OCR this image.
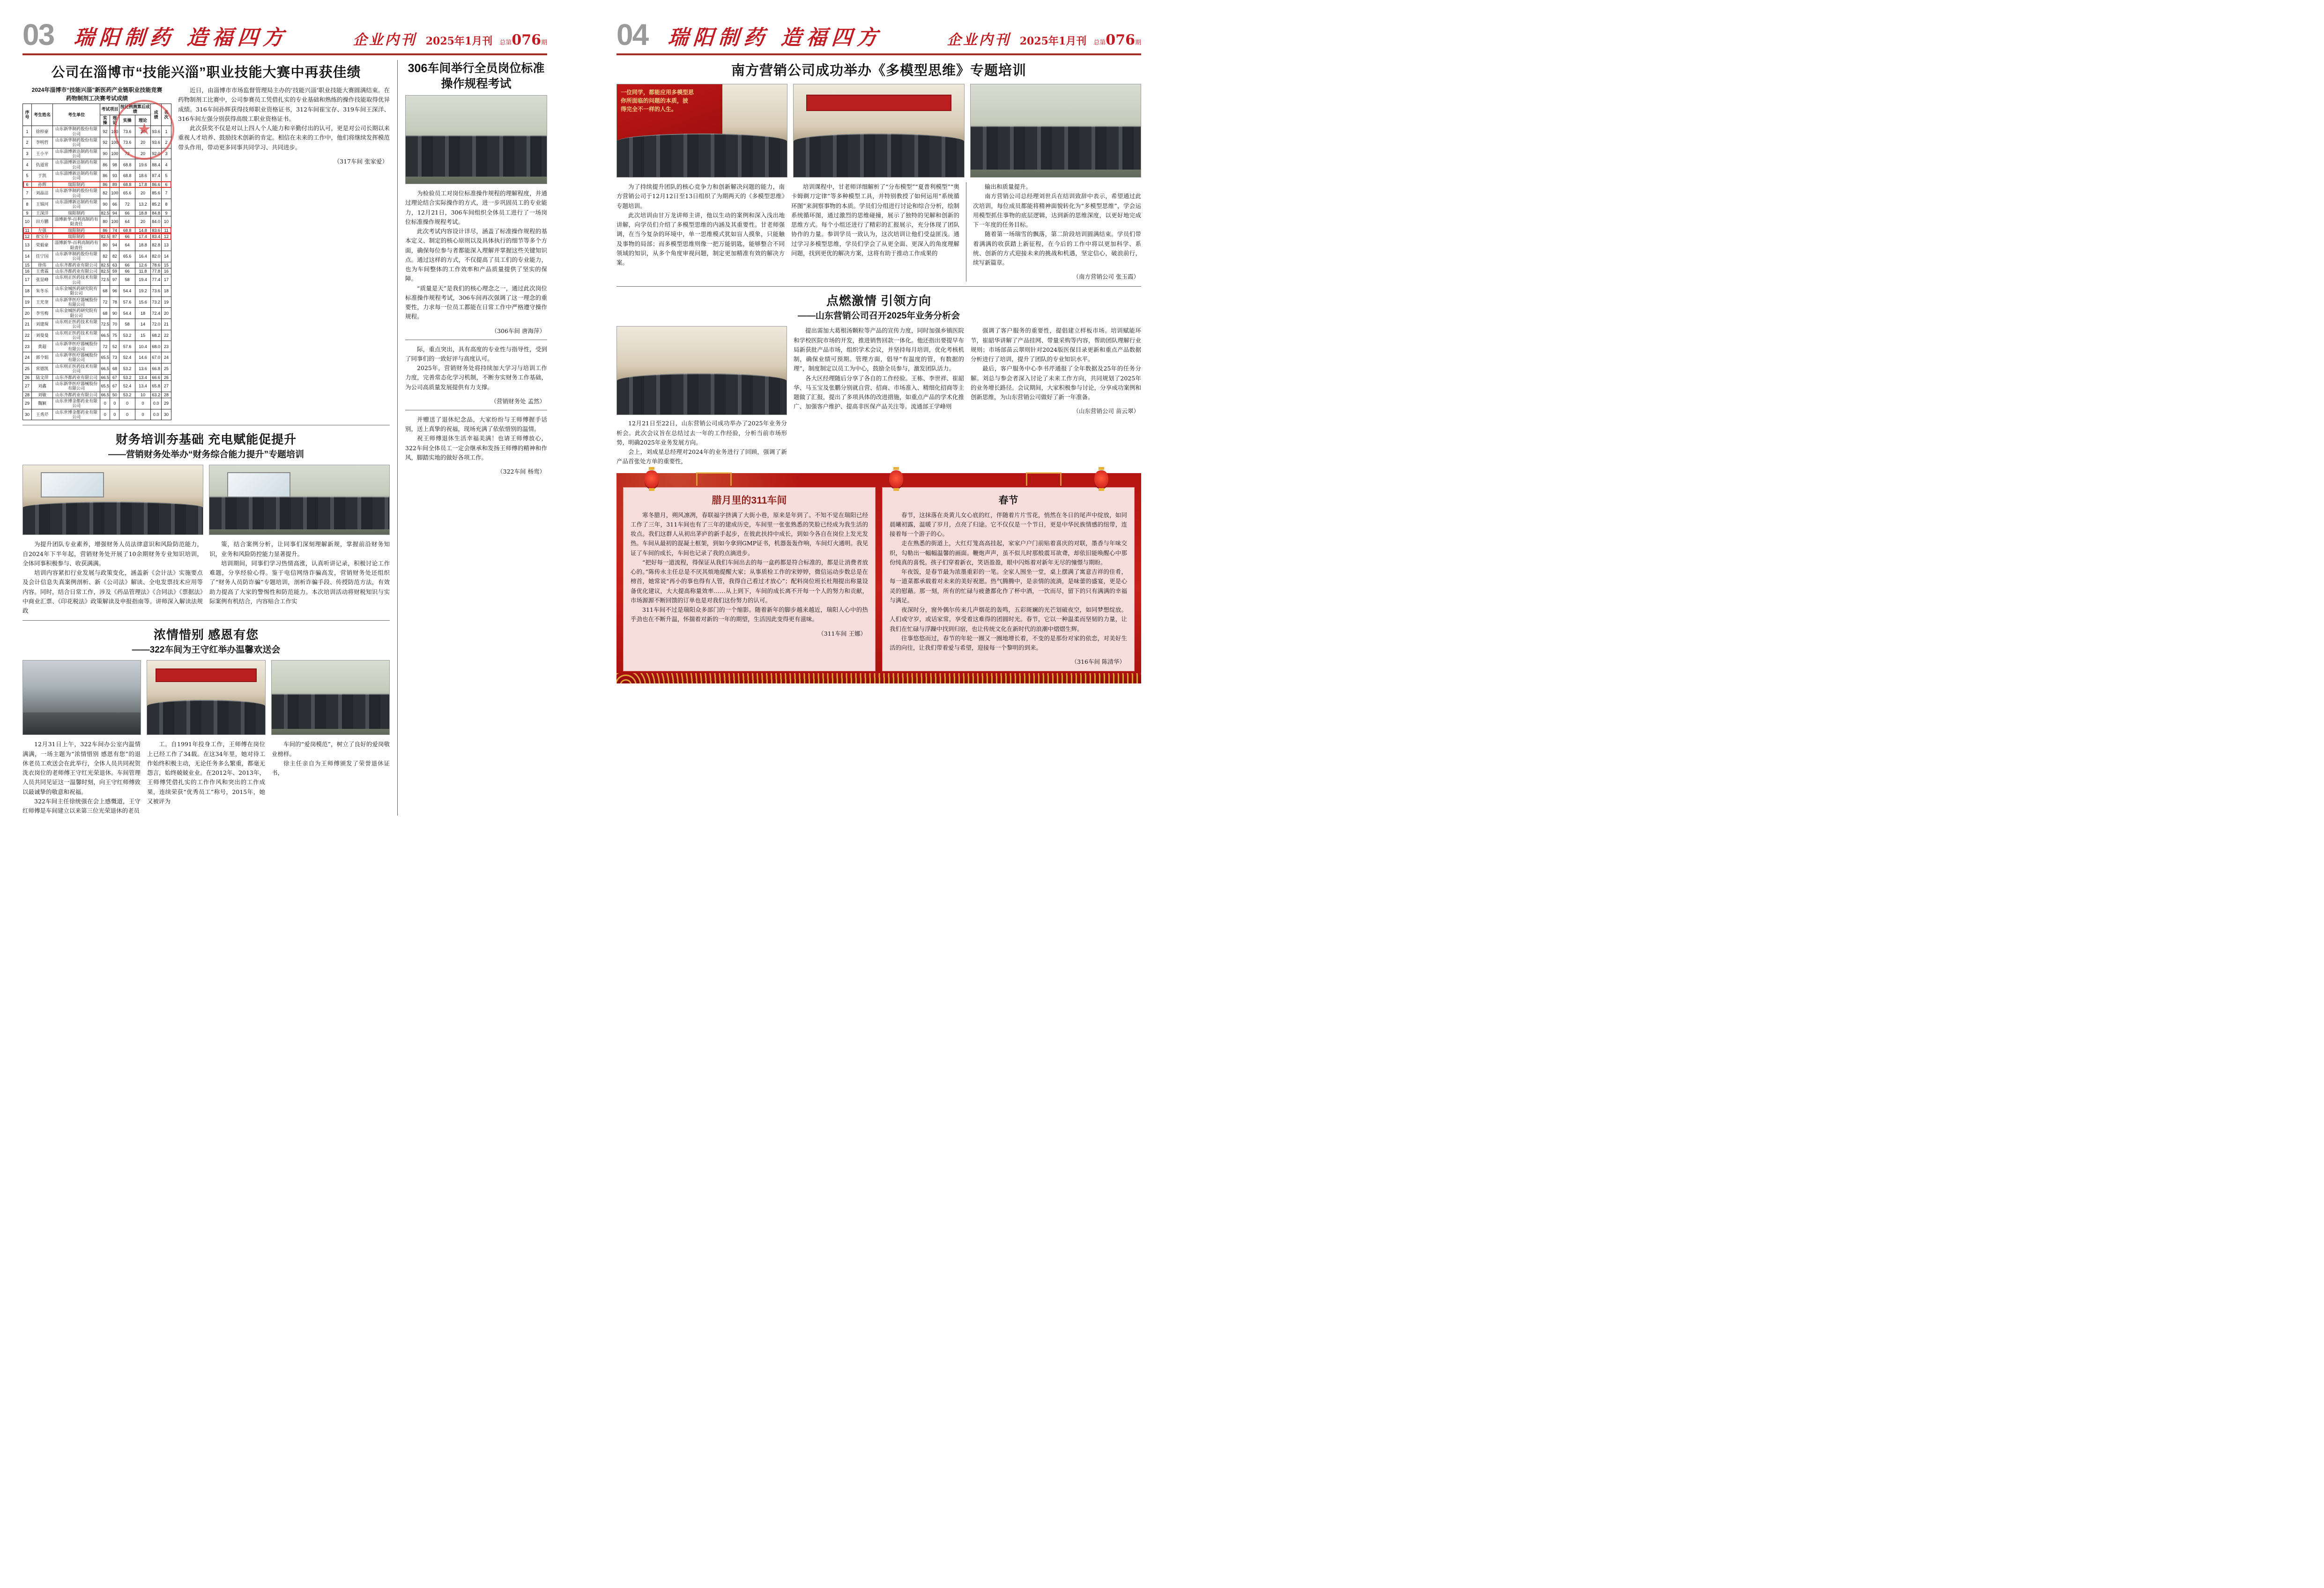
03 瑞阳制药 造福四方	企业内刊 2025年1月刊 总第076期
公司在淄博市“技能兴淄”职业技能大赛中再获佳绩
2024年淄博市“技能兴淄”新医药产业链职业技能竞赛
药物制剂工决赛考试成绩
序号	考生姓名	考生单位	考试项目		按比例测算后成绩		成 绩	名 次
			实操	理论	实操	理论		
1	徐梓豪	山东新华制药股份有限公司	92	100	73.6	20	93.6	1
2	李明哲	山东新华制药股份有限公司	92	100	73.6	20	93.6	2
3	王小平	山东淄博新达制药有限公司	90	100	72	20	92.0	3
4	仇道常	山东淄博新达制药有限公司	86	98	68.8	19.6	88.4	4
5	于凯	山东淄博新达制药有限公司	86	93	68.8	18.6	87.4	5
6	孙辉	瑞阳制药	86	89	68.8	17.8	86.6	6
7	刘晶洁	山东新华制药股份有限公司	82	100	65.6	20	85.6	7
8	王锦河	山东淄博新达制药有限公司	90	66	72	13.2	85.2	8
9	王深洋	瑞阳制药	82.5	94	66	18.8	84.8	9
10	田方鹏	淄博新华-百利高制药有限责任	80	100	64	20	84.0	10
11	左强	瑞阳制药	86	74	68.8	14.8	83.6	11
12	崔宝存	瑞阳制药	82.5	87	66	17.4	83.4	12
13	荣毅豪	淄博新华-百利高制药有限责任	80	94	64	18.8	82.8	13
14	任宁国	山东新华制药股份有限公司	82	82	65.6	16.4	82.0	14
15	徐伟	山东齐都药业有限公司	82.5	63	66	12.6	78.6	15
16	王勇霖	山东齐都药业有限公司	82.5	59	66	11.8	77.8	16
17	张显峰	山东则正医药技术有限公司	72.5	97	58	19.4	77.4	17
18	朱冬乐	山东金城医药研究院有限公司	68	96	54.4	19.2	73.6	18
19	王光奎	山东新华医疗器械股份有限公司	72	78	57.6	15.6	73.2	19
20	李雪梅	山东金城医药研究院有限公司	68	90	54.4	18	72.4	20
21	刘建琛	山东则正医药技术有限公司	72.5	70	58	14	72.0	21
22	刘曼曼	山东则正医药技术有限公司	66.5	75	53.2	15	68.2	22
23	黄超	山东新华医疗器械股份有限公司	72	52	57.6	10.4	68.0	23
24	郭令娟	山东新华医疗器械股份有限公司	65.5	73	52.4	14.6	67.0	24
25	常德凯	山东则正医药技术有限公司	66.5	68	53.2	13.6	66.8	25
26	陆文萍	山东齐都药业有限公司	66.5	67	53.2	13.4	66.6	26
27	刘鑫	山东新华医疗器械股份有限公司	65.5	67	52.4	13.4	65.8	27
28	刘敏	山东齐都药业有限公司	66.5	50	53.2	10	63.2	28
29	魏颖	山东世博金都药业有限公司	0	0	0	0	0.0	29
30	王秀芹	山东世博金都药业有限公司	0	0	0	0	0.0	30
★

近日，由淄博市市场监督管理局主办的‘技能兴淄’职业技能大赛圆满结束。在药物制剂工比赛中，公司参赛员工凭借扎实的专业基础和熟练的操作技能取得优异成绩。316车间孙辉获得技师职业资格证书，312车间崔宝存、319车间王深洋、316车间左强分别获得高级工职业资格证书。

此次获奖不仅是对以上四人个人能力和辛勤付出的认可，更是对公司长期以来重视人才培养、鼓励技术创新的肯定。相信在未来的工作中，他们将继续发挥模范带头作用，带动更多同事共同学习、共同进步。

（317车间 张家爱）

财务培训夯基础 充电赋能促提升
——营销财务处举办“财务综合能力提升”专题培训

为提升团队专业素养，增强财务人员法律意识和风险防范能力，自2024年下半年起，营销财务处开展了10余期财务专业知识培训，全体同事积极参与、收获满满。

培训内容紧扣行业发展与政策变化，涵盖新《会计法》实施要点及会计信息失真案例剖析、新《公司法》解读、全电发票技术应用等内容。同时，结合日常工作，涉及《药品管理法》《合同法》《票据法》中商业汇票、《印花税法》政策解读及申报指南等。讲师深入解读法规政

策，结合案例分析，让同事们深刻理解新规，掌握前沿财务知识，业务和风险防控能力显著提升。

培训期间，同事们学习热情高涨，认真听讲记录，积极讨论工作难题，分享经验心得。鉴于电信网络诈骗高发，营销财务处还组织了“财务人员防诈骗”专题培训，剖析诈骗手段、传授防范方法，有效助力提高了大家的警惕性和防范能力。本次培训活动将财税知识与实际案例有机结合，内容贴合工作实

浓情惜别 感恩有您
——322车间为王守红举办温馨欢送会

12月31日上午，322车间办公室内温情满满，一场主题为“浓情惜别 感恩有您”的退休老员工欢送会在此举行，全体人员共同祝贺洗衣岗位的老师傅王守红光荣退休。车间管理人员共同见证这一温馨时刻，向王守红师傅致以最诚挚的敬意和祝福。

322车间主任徐统强在会上感慨道，王守红师傅是车间建立以来第三位光荣退休的老员

工。自1991年投身工作，王师傅在岗位上已经工作了34载。在这34年里，她对待工作始终积极主动，无论任务多么繁重，都毫无怨言，始终兢兢业业。在2012年、2013年，王师傅凭借扎实的工作作风和突出的工作成果，连续荣获“优秀员工”称号，2015年，她又被评为

车间的“爱岗模范”，树立了良好的爱岗敬业榜样。

徐主任亲自为王师傅颁发了荣誉退休证书，

306车间举行全员岗位标准
操作规程考试

为检验员工对岗位标准操作规程的理解程度，并通过理论结合实际操作的方式，进一步巩固员工的专业能力，12月21日，306车间组织全体员工进行了一场岗位标准操作规程考试。

此次考试内容设计详尽，涵盖了标准操作规程的基本定义、制定的核心原则以及具体执行的细节等多个方面，确保每位参与者都能深入理解并掌握这些关键知识点。通过这样的方式，不仅提高了员工们的专业能力，也为车间整体的工作效率和产品质量提供了坚实的保障。

“质量是天”是我们的核心理念之一，通过此次岗位标准操作规程考试，306车间再次强调了这一理念的重要性，力求每一位员工都能在日常工作中严格遵守操作规程。

（306车间 唐海萍）

际，重点突出，具有高度的专业性与指导性，受到了同事们的一致好评与高度认可。

2025年，营销财务处将持续加大学习与培训工作力度，完善常态化学习机制，不断夯实财务工作基础，为公司高质量发展提供有力支撑。

（营销财务处 孟然）

并赠送了退休纪念品，大家纷纷与王师傅握手话别，送上真挚的祝福，现场充满了依依惜别的温情。

祝王师傅退休生活幸福美满！也请王师傅放心，322车间全体员工一定会继承和发扬王师傅的精神和作风，脚踏实地的做好各项工作。

（322车间 杨鸾）

04 瑞阳制药 造福四方	企业内刊 2025年1月刊 总第076期
南方营销公司成功举办《多模型思维》专题培训
一位同学，都能应用多模型思
你所面临的问题的本质，披
得完全不一样的人生。

为了持续提升团队的核心竞争力和创新解决问题的能力，南方营销公司于12月12日至13日组织了为期两天的《多模型思维》专题培训。

此次培训由甘万龙讲师主讲，他以生动的案例和深入浅出地讲解，向学员们介绍了多模型思维的内涵及其重要性。甘老师强调，在当今复杂的环境中，单一思维模式犹如盲人摸象，只能触及事物的局部；而多模型思维则像一把万能钥匙，能够整合不同领域的知识，从多个角度审视问题，制定更加精准有效的解决方案。

培训课程中，甘老师详细解析了“分布模型”“夏普利模型”“奥卡姆剃刀定律”等多种模型工具，并特别教授了如何运用“系统循环图”来洞察事物的本质。学员们分组进行讨论和综合分析，绘制系统循环图，通过激烈的思维碰撞，展示了独特的见解和创新的思维方式。每个小组还进行了精彩的汇报展示，充分体现了团队协作的力量。参训学员一致认为，这次培训让他们受益匪浅。通过学习多模型思维，学员们学会了从更全面、更深入的角度理解问题，找到更优的解决方案，这将有助于推动工作成果的

输出和质量提升。

南方营销公司总经理刘世兵在结训致辞中表示，希望通过此次培训，每位成员都能将精神面貌转化为“多模型思维”，学会运用模型抓住事物的底层逻辑，达到新的思维深度，以更好地完成下一年度的任务目标。

随着第一场瑞雪的飘落，第二阶段培训圆满结束。学员们带着满满的收获踏上新征程，在今后的工作中将以更加科学、系统、创新的方式迎接未来的挑战和机遇，坚定信心，破浪前行，续写新篇章。

（南方营销公司 张玉霞）

点燃激情 引领方向
——山东营销公司召开2025年业务分析会

12月21日至22日，山东营销公司成功举办了2025年业务分析会。此次会议旨在总结过去一年的工作经验，分析当前市场形势，明确2025年业务发展方向。

会上，刘成星总经理对2024年的业务进行了回顾，强调了新产品首张处方单的重要性，

提出需加大葛根汤颗粒等产品的宣传力度，同时加强乡镇医院和学校医院市场的开发，推进销售回款一体化。他还指出要提早布局新获批产品市场，组织学术会议，并坚持每月培训，优化考核机制，确保业绩可预期。管理方面，倡导“有温度的管，有数据的理”，制度制定以员工为中心，鼓励全员参与，激发团队活力。

各大区经理随后分享了各自的工作经验。王栋、李世祥、崔韶华、马玉宝及张鹏分别就自营、招商、市场准入、精细化招商等主题做了汇报，提出了多项具体的改进措施，如重点产品的学术化推广、加强客户维护、提高非医保产品关注等。流通部王学峰则

强调了客户服务的重要性，提倡建立样板市场。培训赋能环节，崔韶华讲解了产品挂网、带量采购等内容，帮助团队理解行业规则；市场部苗云翠则针对2024版医保目录更新和重点产品数据分析进行了培训，提升了团队的专业知识水平。

最后，客户服务中心李书芹通报了全年数据及25年的任务分解。刘总与参会者深入讨论了未来工作方向，共同规划了2025年的业务增长路径。会议期间，大家积极参与讨论，分享成功案例和创新思维，为山东营销公司做好了新一年准备。

（山东营销公司 苗云翠）

腊月里的311车间

寒冬腊月，朔风凛冽，春联福字挤满了大街小巷，原来是年到了。不知不觉在瑞阳已经工作了三年，311车间也有了三年的建成历史，车间里一张张熟悉的笑脸已经成为我生活的妆点。我们这群人从初出茅庐的新手起步，在彼此扶持中成长，到如今各自在岗位上发光发热。车间从最初的混凝土框架，到如今拿到GMP证书，机器轰轰作响，车间灯火通明。我见证了车间的成长，车间也记录了我的点滴进步。

“把好每一道流程，得保证从我们车间出去的每一盒药都是符合标准的，都是让消费者放心的。”陈传永主任总是不厌其烦地提醒大家；从事质检工作的宋婷婷，微信运动步数总是在榜首，她常说“再小的事也得有人管，我得自己看过才放心”；配料岗位班长杜翔提出称量设备优化建议，大大提高称量效率……从上到下，车间的成长离不开每一个人的努力和贡献，市场源源不断回馈的订单也是对我们这份努力的认可。

311车间不过是瑞阳众多部门的一个缩影。随着新年的脚步越来越近，瑞阳人心中的热乎劲也在不断升温，怀揣着对新的一年的期望，生活因此变得更有滋味。

（311车间 王娜）

春节

春节，这抹落在炎黄儿女心底的红，伴随着片片雪花，悄然在冬日的尾声中绽放，如同晨曦初露，温暖了岁月，点亮了归途。它不仅仅是一个节日，更是中华民族情感的纽带，连接着每一个游子的心。

走在熟悉的街道上，大红灯笼高高挂起，家家户户门前贴着喜庆的对联，墨香与年味交织，勾勒出一幅幅温馨的画面。鞭炮声声，虽不似儿时那般震耳欲聋，却依旧能唤醒心中那份纯真的喜悦。孩子们穿着新衣，笑语盈盈，眼中闪烁着对新年无尽的憧憬与期盼。

年夜饭，是春节最为浓墨重彩的一笔。全家人围坐一堂，桌上摆满了寓意吉祥的佳肴，每一道菜都承载着对未来的美好祝愿。热气腾腾中，是亲情的流淌，是味蕾的盛宴，更是心灵的慰藉。那一刻，所有的忙碌与疲惫都化作了杯中酒，一饮而尽，留下的只有满满的幸福与满足。

夜深时分，窗外偶尔传来几声烟花的轰鸣，五彩斑斓的光芒划破夜空，如同梦想绽放。人们或守岁，或话家常，享受着这难得的团圆时光。春节，它以一种温柔而坚韧的力量，让我们在忙碌与浮躁中找到归宿，也让传统文化在新时代的浪潮中熠熠生辉。

往事悠悠而过，春节的年轮一圈又一圈地增长着，不变的是那份对家的依恋，对美好生活的向往，让我们带着爱与希望，迎接每一个黎明的到来。

（316车间 陈清华）
